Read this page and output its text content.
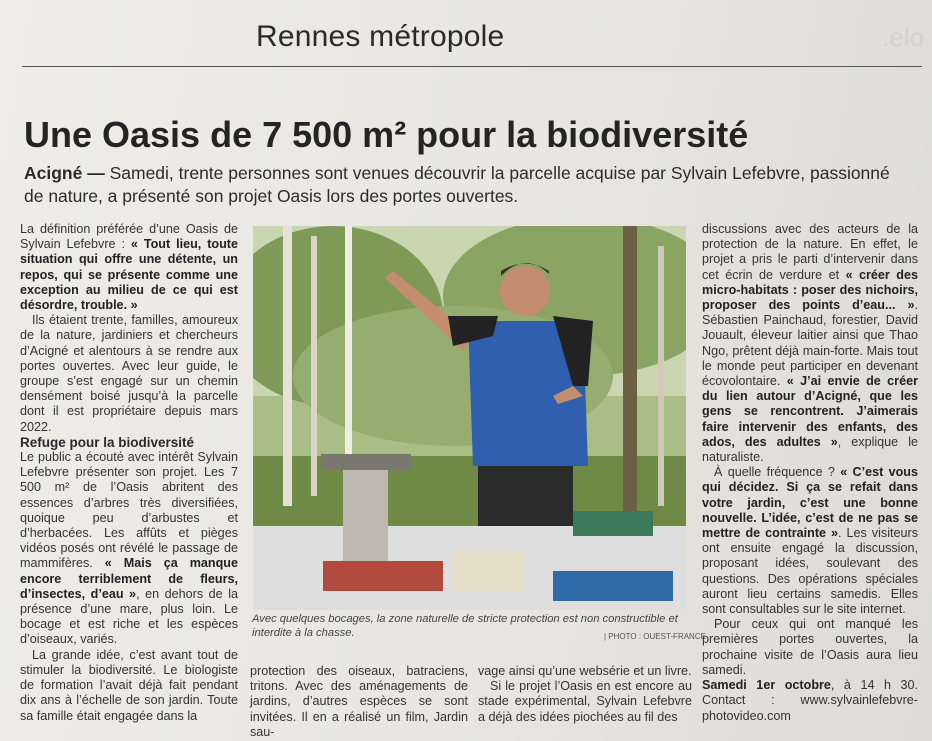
.elo
Rennes métropole
Une Oasis de 7 500 m² pour la biodiversité
Acigné — Samedi, trente personnes sont venues découvrir la parcelle acquise par Sylvain Lefebvre, passionné de nature, a présenté son projet Oasis lors des portes ouvertes.

La définition préférée d’une Oasis de Sylvain Lefebvre : « Tout lieu, toute situation qui offre une détente, un repos, qui se présente comme une exception au milieu de ce qui est désordre, trouble. »

Ils étaient trente, familles, amoureux de la nature, jardiniers et chercheurs d’Acigné et alentours à se rendre aux portes ouvertes. Avec leur guide, le groupe s’est engagé sur un chemin densément boisé jusqu’à la parcelle dont il est propriétaire depuis mars 2022.

Refuge pour la biodiversité

Le public a écouté avec intérêt Sylvain Lefebvre présenter son projet. Les 7 500 m² de l’Oasis abritent des essences d’arbres très diversifiées, quoique peu d’arbustes et d’herbacées. Les affûts et pièges vidéos posés ont révélé le passage de mammifères. « Mais ça manque encore terriblement de fleurs, d’insectes, d’eau », en dehors de la présence d’une mare, plus loin. Le bocage et est riche et les espèces d’oiseaux, variés.

La grande idée, c’est avant tout de stimuler la biodiversité. Le biologiste de formation l’avait déjà fait pendant dix ans à l’échelle de son jardin. Toute sa famille était engagée dans la

Avec quelques bocages, la zone naturelle de stricte protection est non constructible et interdite à la chasse.	| PHOTO : OUEST-FRANCE

protection des oiseaux, batraciens, tritons. Avec des aménagements de jardins, d’autres espèces se sont invitées. Il en a réalisé un film, Jardin sau-

vage ainsi qu’une websérie et un livre.

Si le projet l’Oasis en est encore au stade expérimental, Sylvain Lefebvre a déjà des idées piochées au fil des

discussions avec des acteurs de la protection de la nature. En effet, le projet a pris le parti d’intervenir dans cet écrin de verdure et « créer des micro-habitats : poser des nichoirs, proposer des points d’eau... ». Sébastien Painchaud, forestier, David Jouault, éleveur laitier ainsi que Thao Ngo, prêtent déjà main-forte. Mais tout le monde peut participer en devenant écovolontaire. « J’ai envie de créer du lien autour d’Acigné, que les gens se rencontrent. J’aimerais faire intervenir des enfants, des ados, des adultes », explique le naturaliste.

À quelle fréquence ? « C’est vous qui décidez. Si ça se refait dans votre jardin, c’est une bonne nouvelle. L’idée, c’est de ne pas se mettre de contrainte ». Les visiteurs ont ensuite engagé la discussion, proposant idées, soulevant des questions. Des opérations spéciales auront lieu certains samedis. Elles sont consultables sur le site internet.

Pour ceux qui ont manqué les premières portes ouvertes, la prochaine visite de l’Oasis aura lieu samedi.

Samedi 1er octobre, à 14 h 30. Contact : www.sylvainlefebvre-photovideo.com
